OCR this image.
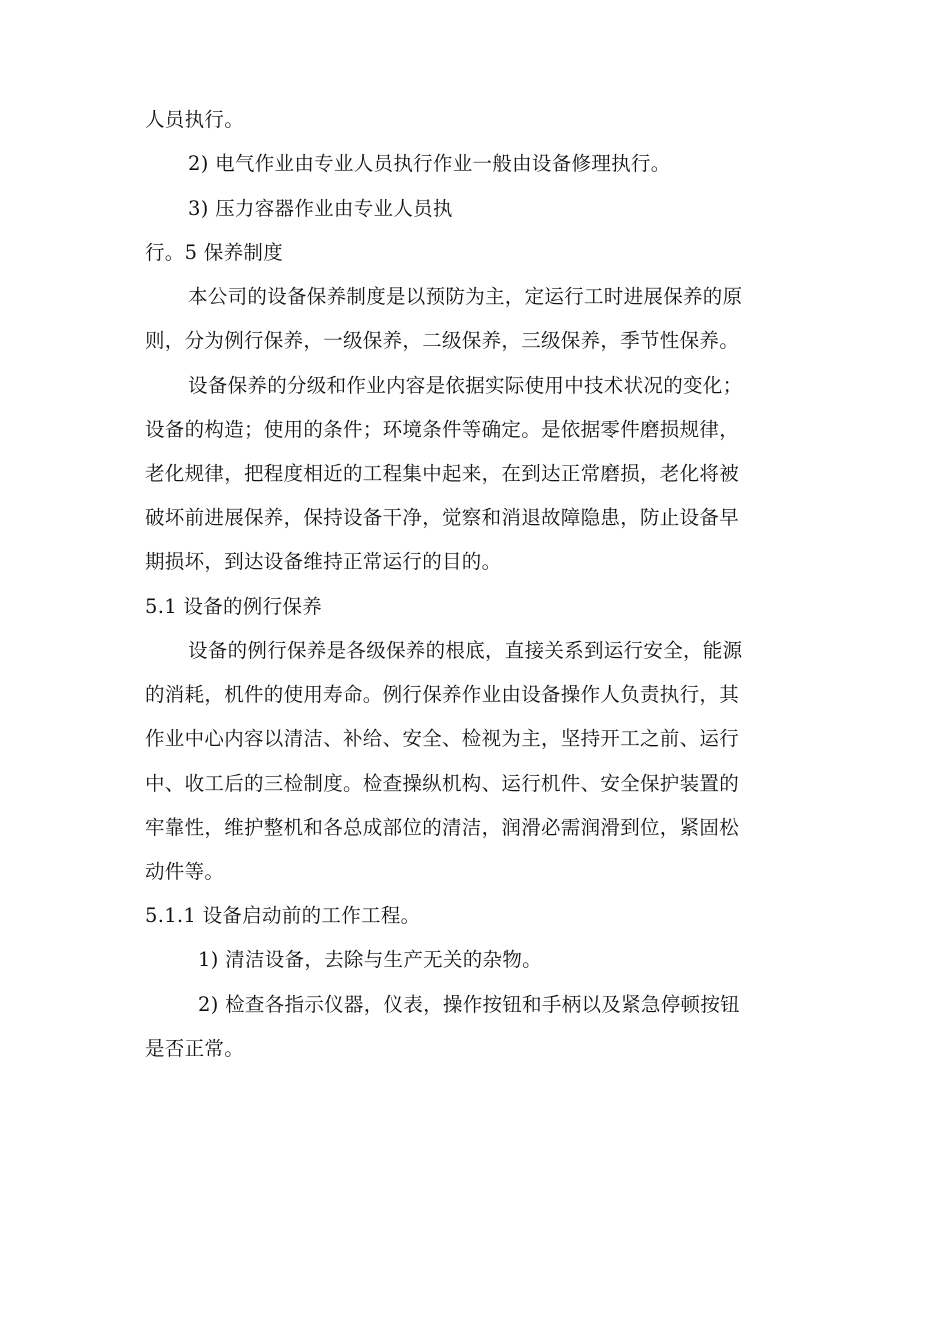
人员执行。
2) 电气作业由专业人员执行作业一般由设备修理执行。
3) 压力容器作业由专业人员执
行。5 保养制度
本公司的设备保养制度是以预防为主，定运行工时进展保养的原
则，分为例行保养，一级保养，二级保养，三级保养，季节性保养。
设备保养的分级和作业内容是依据实际使用中技术状况的变化；
设备的构造；使用的条件；环境条件等确定。是依据零件磨损规律，
老化规律，把程度相近的工程集中起来，在到达正常磨损，老化将被
破坏前进展保养，保持设备干净，觉察和消退故障隐患，防止设备早
期损坏，到达设备维持正常运行的目的。
5.1 设备的例行保养
设备的例行保养是各级保养的根底，直接关系到运行安全，能源
的消耗，机件的使用寿命。例行保养作业由设备操作人负责执行，其
作业中心内容以清洁、补给、安全、检视为主，坚持开工之前、运行
中、收工后的三检制度。检查操纵机构、运行机件、安全保护装置的
牢靠性，维护整机和各总成部位的清洁，润滑必需润滑到位，紧固松
动件等。
5.1.1 设备启动前的工作工程。
1) 清洁设备，去除与生产无关的杂物。
2) 检查各指示仪器，仪表，操作按钮和手柄以及紧急停顿按钮
是否正常。
